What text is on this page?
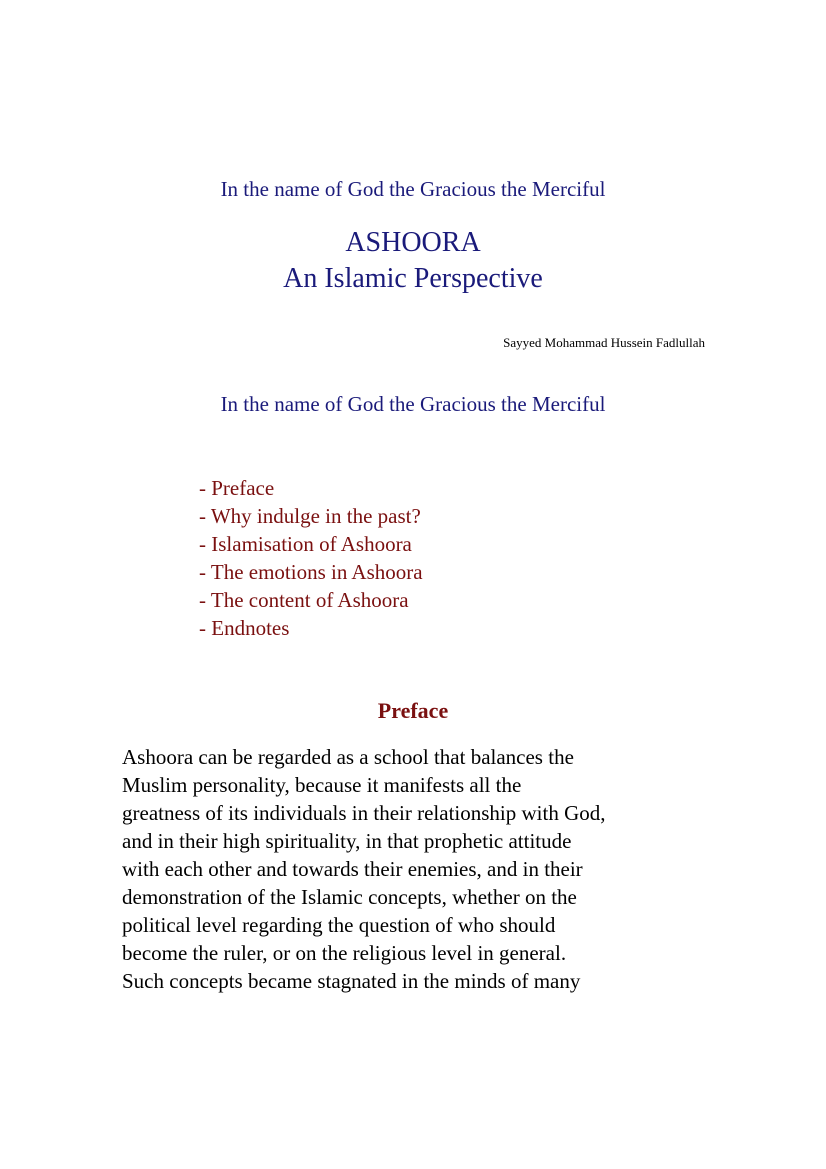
In the name of God the Gracious the Merciful
ASHOORA
An Islamic Perspective
Sayyed Mohammad Hussein Fadlullah
In the name of God the Gracious the Merciful
- Preface
- Why indulge in the past?
- Islamisation of Ashoora
- The emotions in Ashoora
- The content of Ashoora
- Endnotes
Preface
Ashoora can be regarded as a school that balances the
Muslim personality, because it manifests all the
greatness of its individuals in their relationship with God,
and in their high spirituality, in that prophetic attitude
with each other and towards their enemies, and in their
demonstration of the Islamic concepts, whether on the
political level regarding the question of who should
become the ruler, or on the religious level in general.
Such concepts became stagnated in the minds of many
